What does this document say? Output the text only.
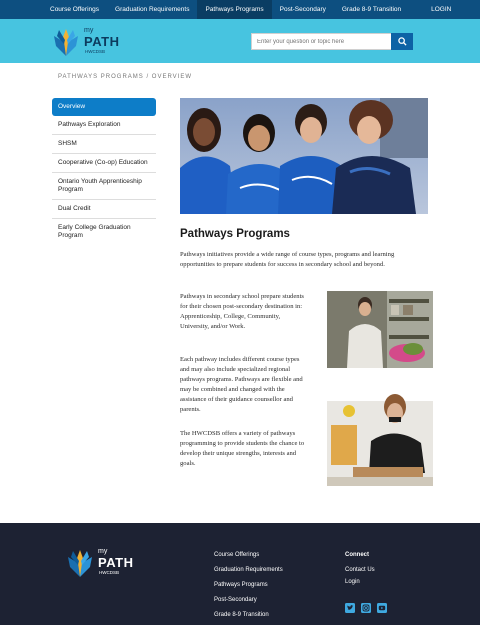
Course Offerings	Graduation Requirements	Pathways Programs	Post-Secondary	Grade 8-9 Transition	LOGIN
my
PATH
HWCDSB
Enter your question or topic here
PATHWAYS PROGRAMS / OVERVIEW
Overview
Pathways Exploration
SHSM
Cooperative (Co-op) Education
Ontario Youth Apprenticeship Program
Dual Credit
Early College Graduation Program	Pathways Programs

Pathways initiatives provide a wide range of course types, programs and learning opportunities to prepare students for success in secondary school and beyond.

Pathways in secondary school prepare students for their chosen post-secondary destination in: Apprenticeship, College, Community, University, and/or Work.

Each pathway includes different course types and may also include specialized regional pathways programs. Pathways are flexible and may be combined and changed with the assistance of their guidance counsellor and parents.

The HWCDSB offers a variety of pathways programming to provide students the chance to develop their unique strengths, interests and goals.

my
PATH
HWCDSB
Course Offerings
Graduation Requirements
Pathways Programs
Post-Secondary
Grade 8-9 Transition
Connect
Contact Us
Login
